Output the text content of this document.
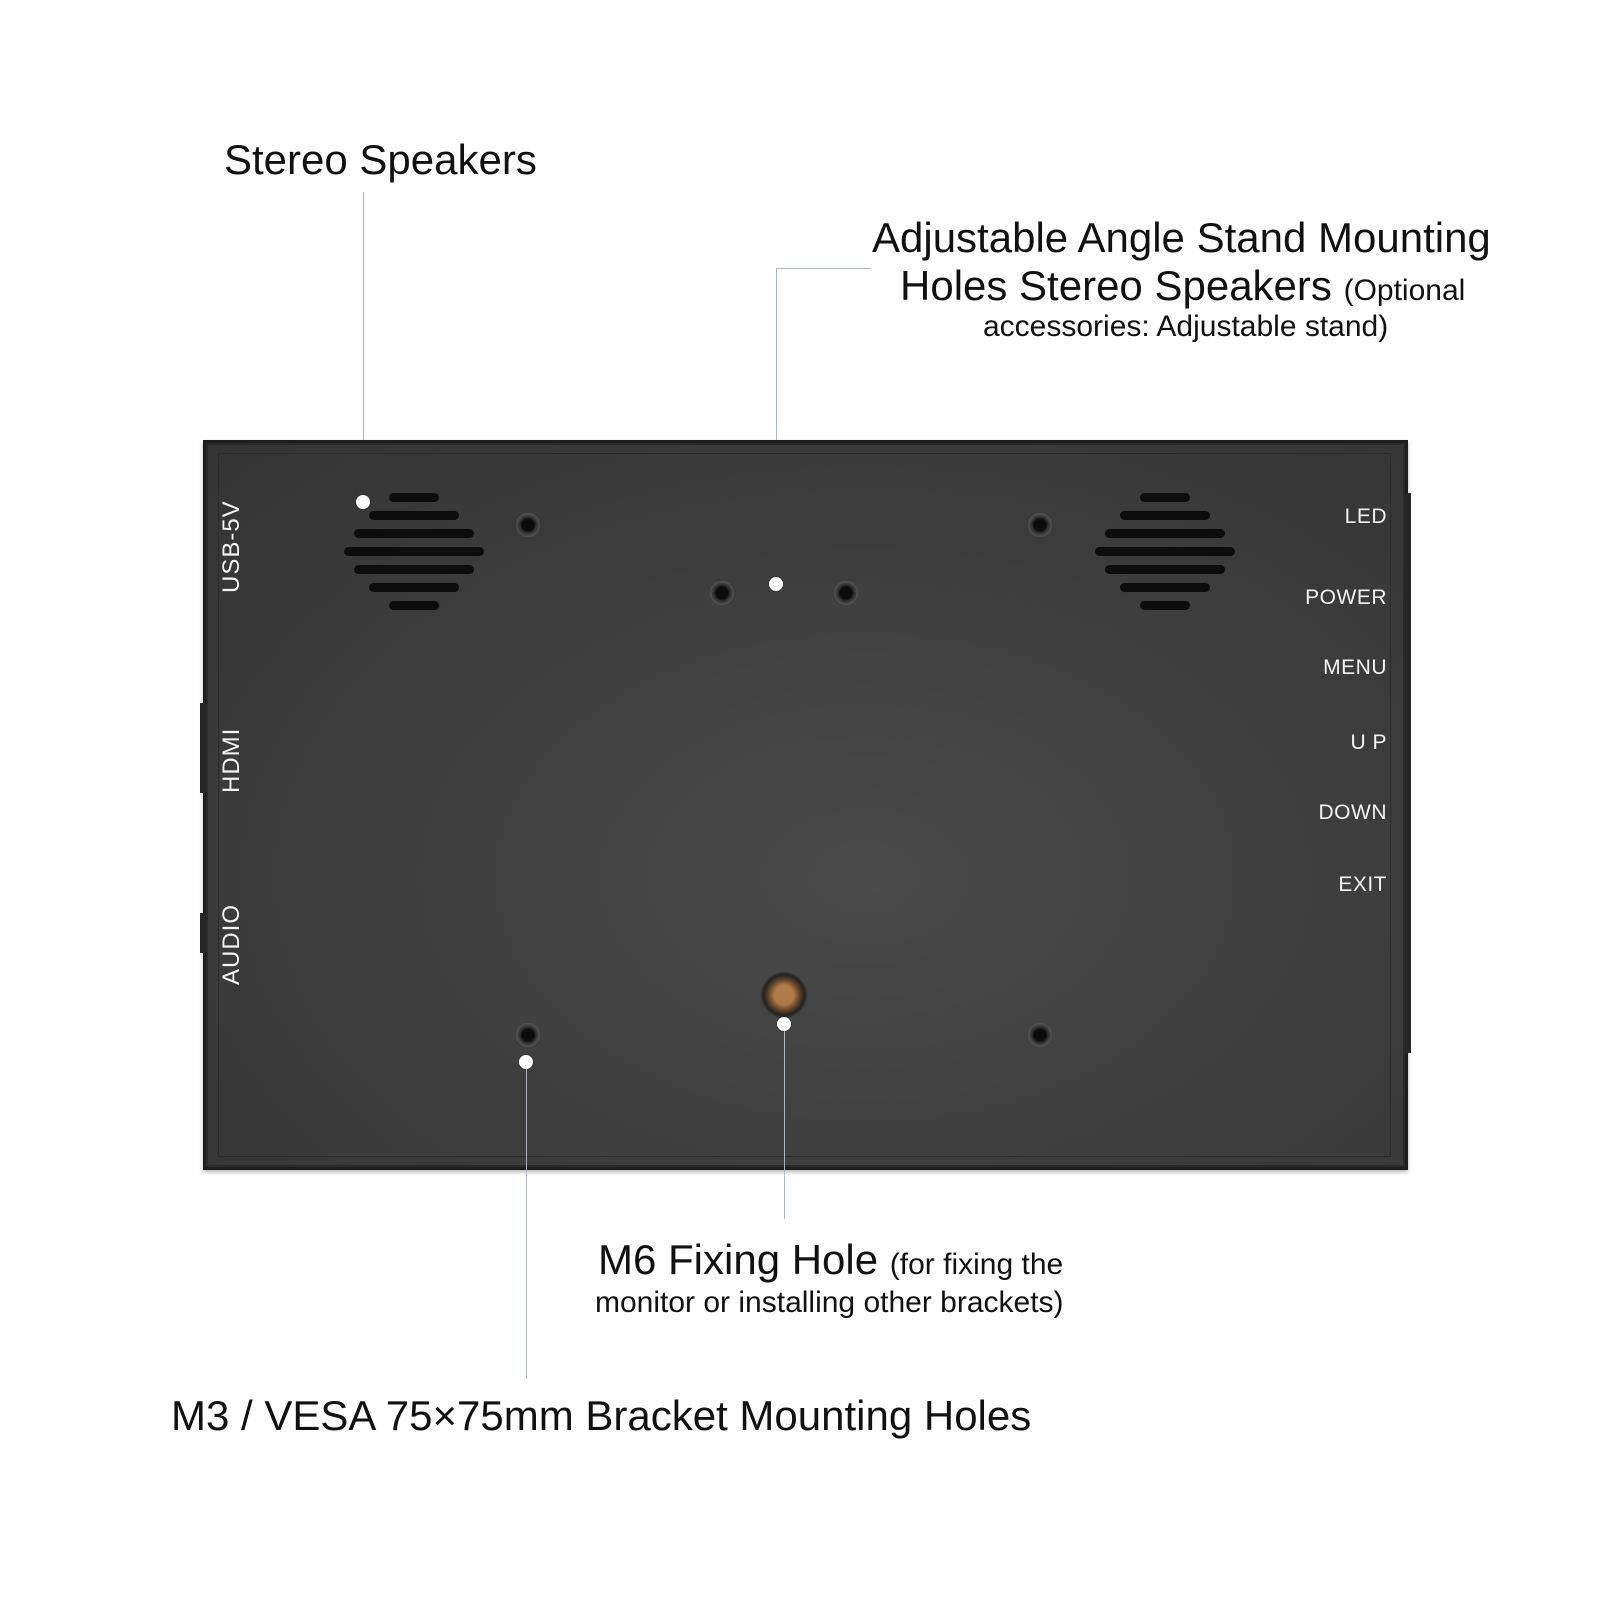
Stereo Speakers
Adjustable Angle Stand Mounting
Holes Stereo Speakers (Optional
accessories: Adjustable stand)
USB-5V
HDMI
AUDIO
LED
POWER
MENU
U P
DOWN
EXIT
M6 Fixing Hole (for fixing the
monitor or installing other brackets)
M3 / VESA 75×75mm Bracket Mounting Holes
